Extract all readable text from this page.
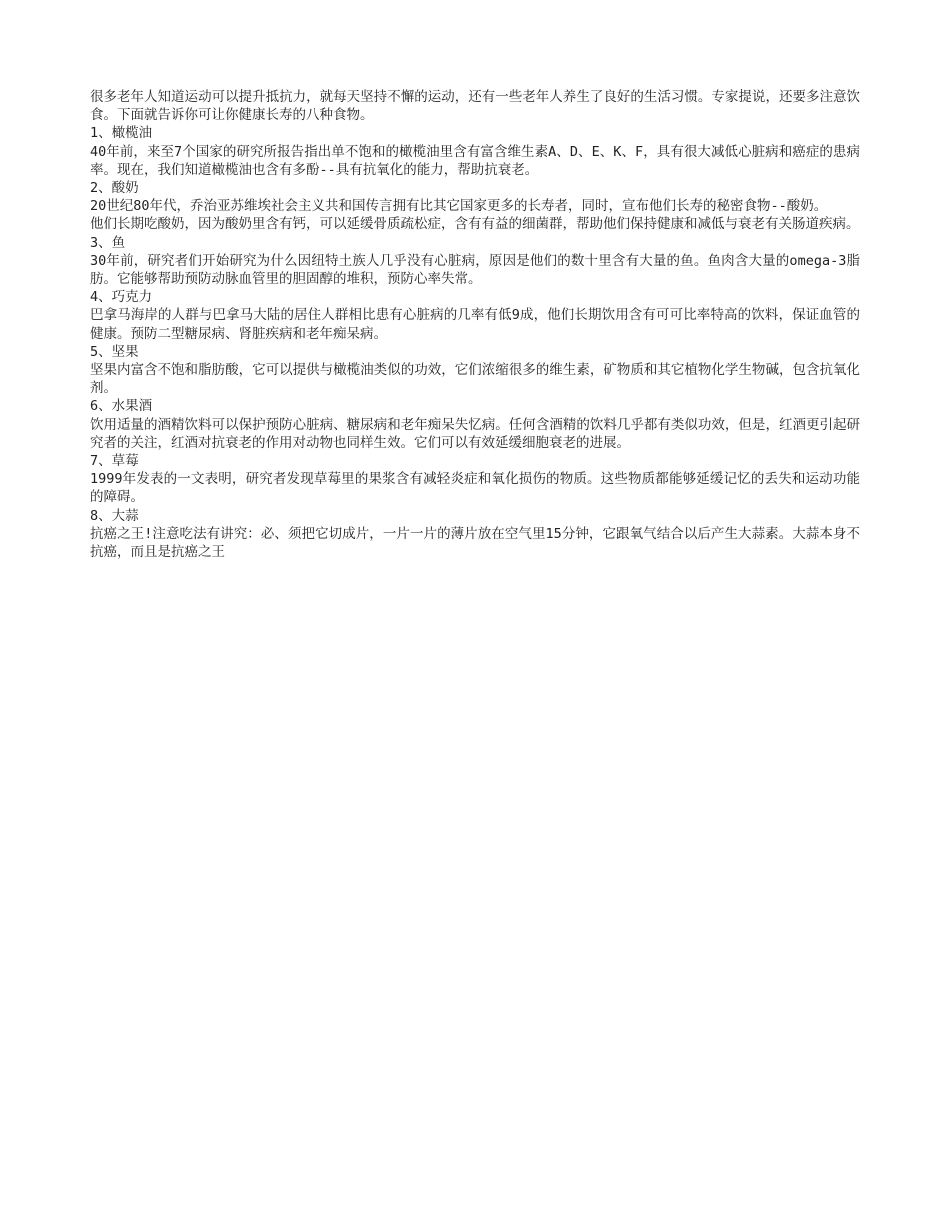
很多老年人知道运动可以提升抵抗力，就每天坚持不懈的运动，还有一些老年人养生了良好的生活习惯。专家提说，还要多注意饮食。下面就告诉你可让你健康长寿的八种食物。

1、橄榄油

40年前，来至7个国家的研究所报告指出单不饱和的橄榄油里含有富含维生素A、D、E、K、F，具有很大减低心脏病和癌症的患病率。现在，我们知道橄榄油也含有多酚--具有抗氧化的能力，帮助抗衰老。

2、酸奶

20世纪80年代，乔治亚苏维埃社会主义共和国传言拥有比其它国家更多的长寿者，同时，宣布他们长寿的秘密食物--酸奶。

他们长期吃酸奶，因为酸奶里含有钙，可以延缓骨质疏松症，含有有益的细菌群，帮助他们保持健康和减低与衰老有关肠道疾病。

3、鱼

30年前，研究者们开始研究为什么因纽特土族人几乎没有心脏病，原因是他们的数十里含有大量的鱼。鱼肉含大量的omega-3脂肪。它能够帮助预防动脉血管里的胆固醇的堆积，预防心率失常。

4、巧克力

巴拿马海岸的人群与巴拿马大陆的居住人群相比患有心脏病的几率有低9成，他们长期饮用含有可可比率特高的饮料，保证血管的健康。预防二型糖尿病、肾脏疾病和老年痴呆病。

5、坚果

坚果内富含不饱和脂肪酸，它可以提供与橄榄油类似的功效，它们浓缩很多的维生素，矿物质和其它植物化学生物碱，包含抗氧化剂。

6、水果酒

饮用适量的酒精饮料可以保护预防心脏病、糖尿病和老年痴呆失忆病。任何含酒精的饮料几乎都有类似功效，但是，红酒更引起研究者的关注，红酒对抗衰老的作用对动物也同样生效。它们可以有效延缓细胞衰老的进展。

7、草莓

1999年发表的一文表明，研究者发现草莓里的果浆含有减轻炎症和氧化损伤的物质。这些物质都能够延缓记忆的丢失和运动功能的障碍。

8、大蒜

抗癌之王!注意吃法有讲究：必、须把它切成片，一片一片的薄片放在空气里15分钟，它跟氧气结合以后产生大蒜素。大蒜本身不抗癌，而且是抗癌之王
